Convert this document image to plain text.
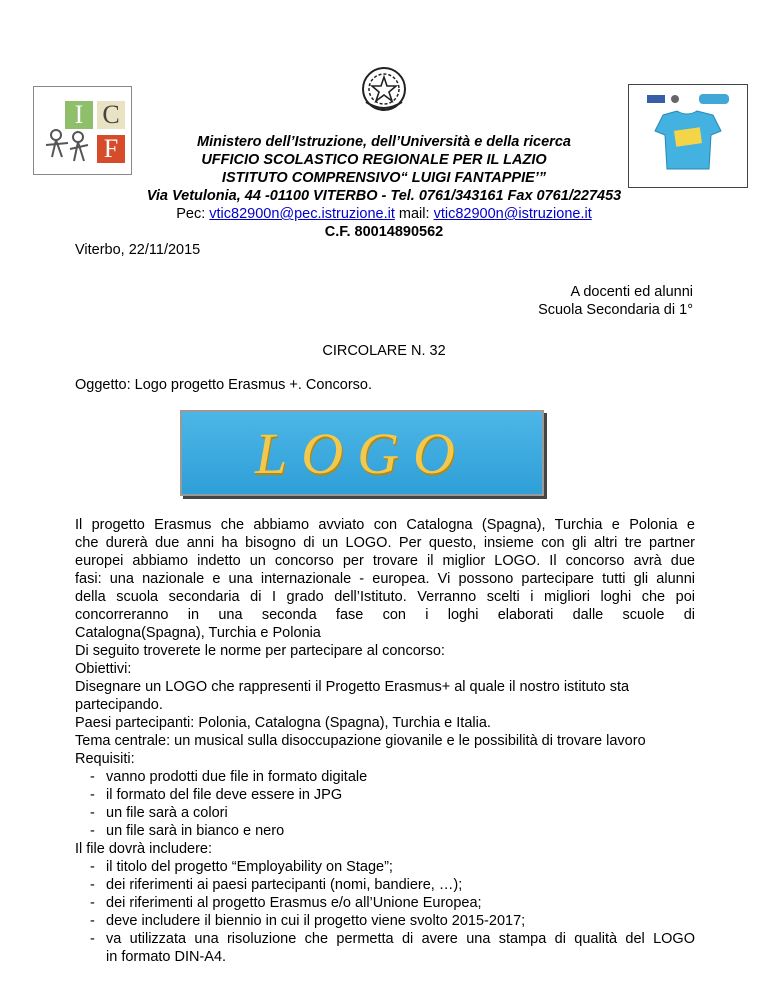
I C
F	Ministero dell’Istruzione, dell’Università e della ricerca
UFFICIO SCOLASTICO REGIONALE PER IL LAZIO
ISTITUTO COMPRENSIVO“ LUIGI FANTAPPIE’”
Via Vetulonia, 44 -01100 VITERBO - Tel. 0761/343161 Fax 0761/227453
Pec: vtic82900n@pec.istruzione.it mail: vtic82900n@istruzione.it
C.F. 80014890562
Viterbo, 22/11/2015
A docenti ed alunni
Scuola Secondaria di 1°
CIRCOLARE N. 32
Oggetto: Logo progetto Erasmus +. Concorso.
LOGO
Il progetto Erasmus che abbiamo avviato con Catalogna (Spagna), Turchia e Polonia e
che durerà due anni ha bisogno di un LOGO. Per questo, insieme con gli altri tre partner
europei abbiamo indetto un concorso per trovare il miglior LOGO. Il concorso avrà due
fasi: una nazionale e una internazionale - europea. Vi possono partecipare tutti gli alunni
della scuola secondaria di I grado dell’Istituto. Verranno scelti i migliori loghi che poi
concorreranno in una seconda fase con i loghi elaborati dalle scuole di
Catalogna(Spagna), Turchia e Polonia
Di seguito troverete le norme per partecipare al concorso:
Obiettivi:
Disegnare un LOGO che rappresenti il Progetto Erasmus+ al quale il nostro istituto sta
partecipando.
Paesi partecipanti: Polonia, Catalogna (Spagna), Turchia e Italia.
Tema centrale: un musical sulla disoccupazione giovanile e le possibilità di trovare lavoro
Requisiti:
- vanno prodotti due file in formato digitale
- il formato del file deve essere in JPG
- un file sarà a colori
- un file sarà in bianco e nero
Il file dovrà includere:
- il titolo del progetto “Employability on Stage”;
- dei riferimenti ai paesi partecipanti (nomi, bandiere, …);
- dei riferimenti al progetto Erasmus e/o all’Unione Europea;
- deve includere il biennio in cui il progetto viene svolto 2015-2017;
- va utilizzata una risoluzione che permetta di avere una stampa di qualità del LOGO
in formato DIN-A4.
